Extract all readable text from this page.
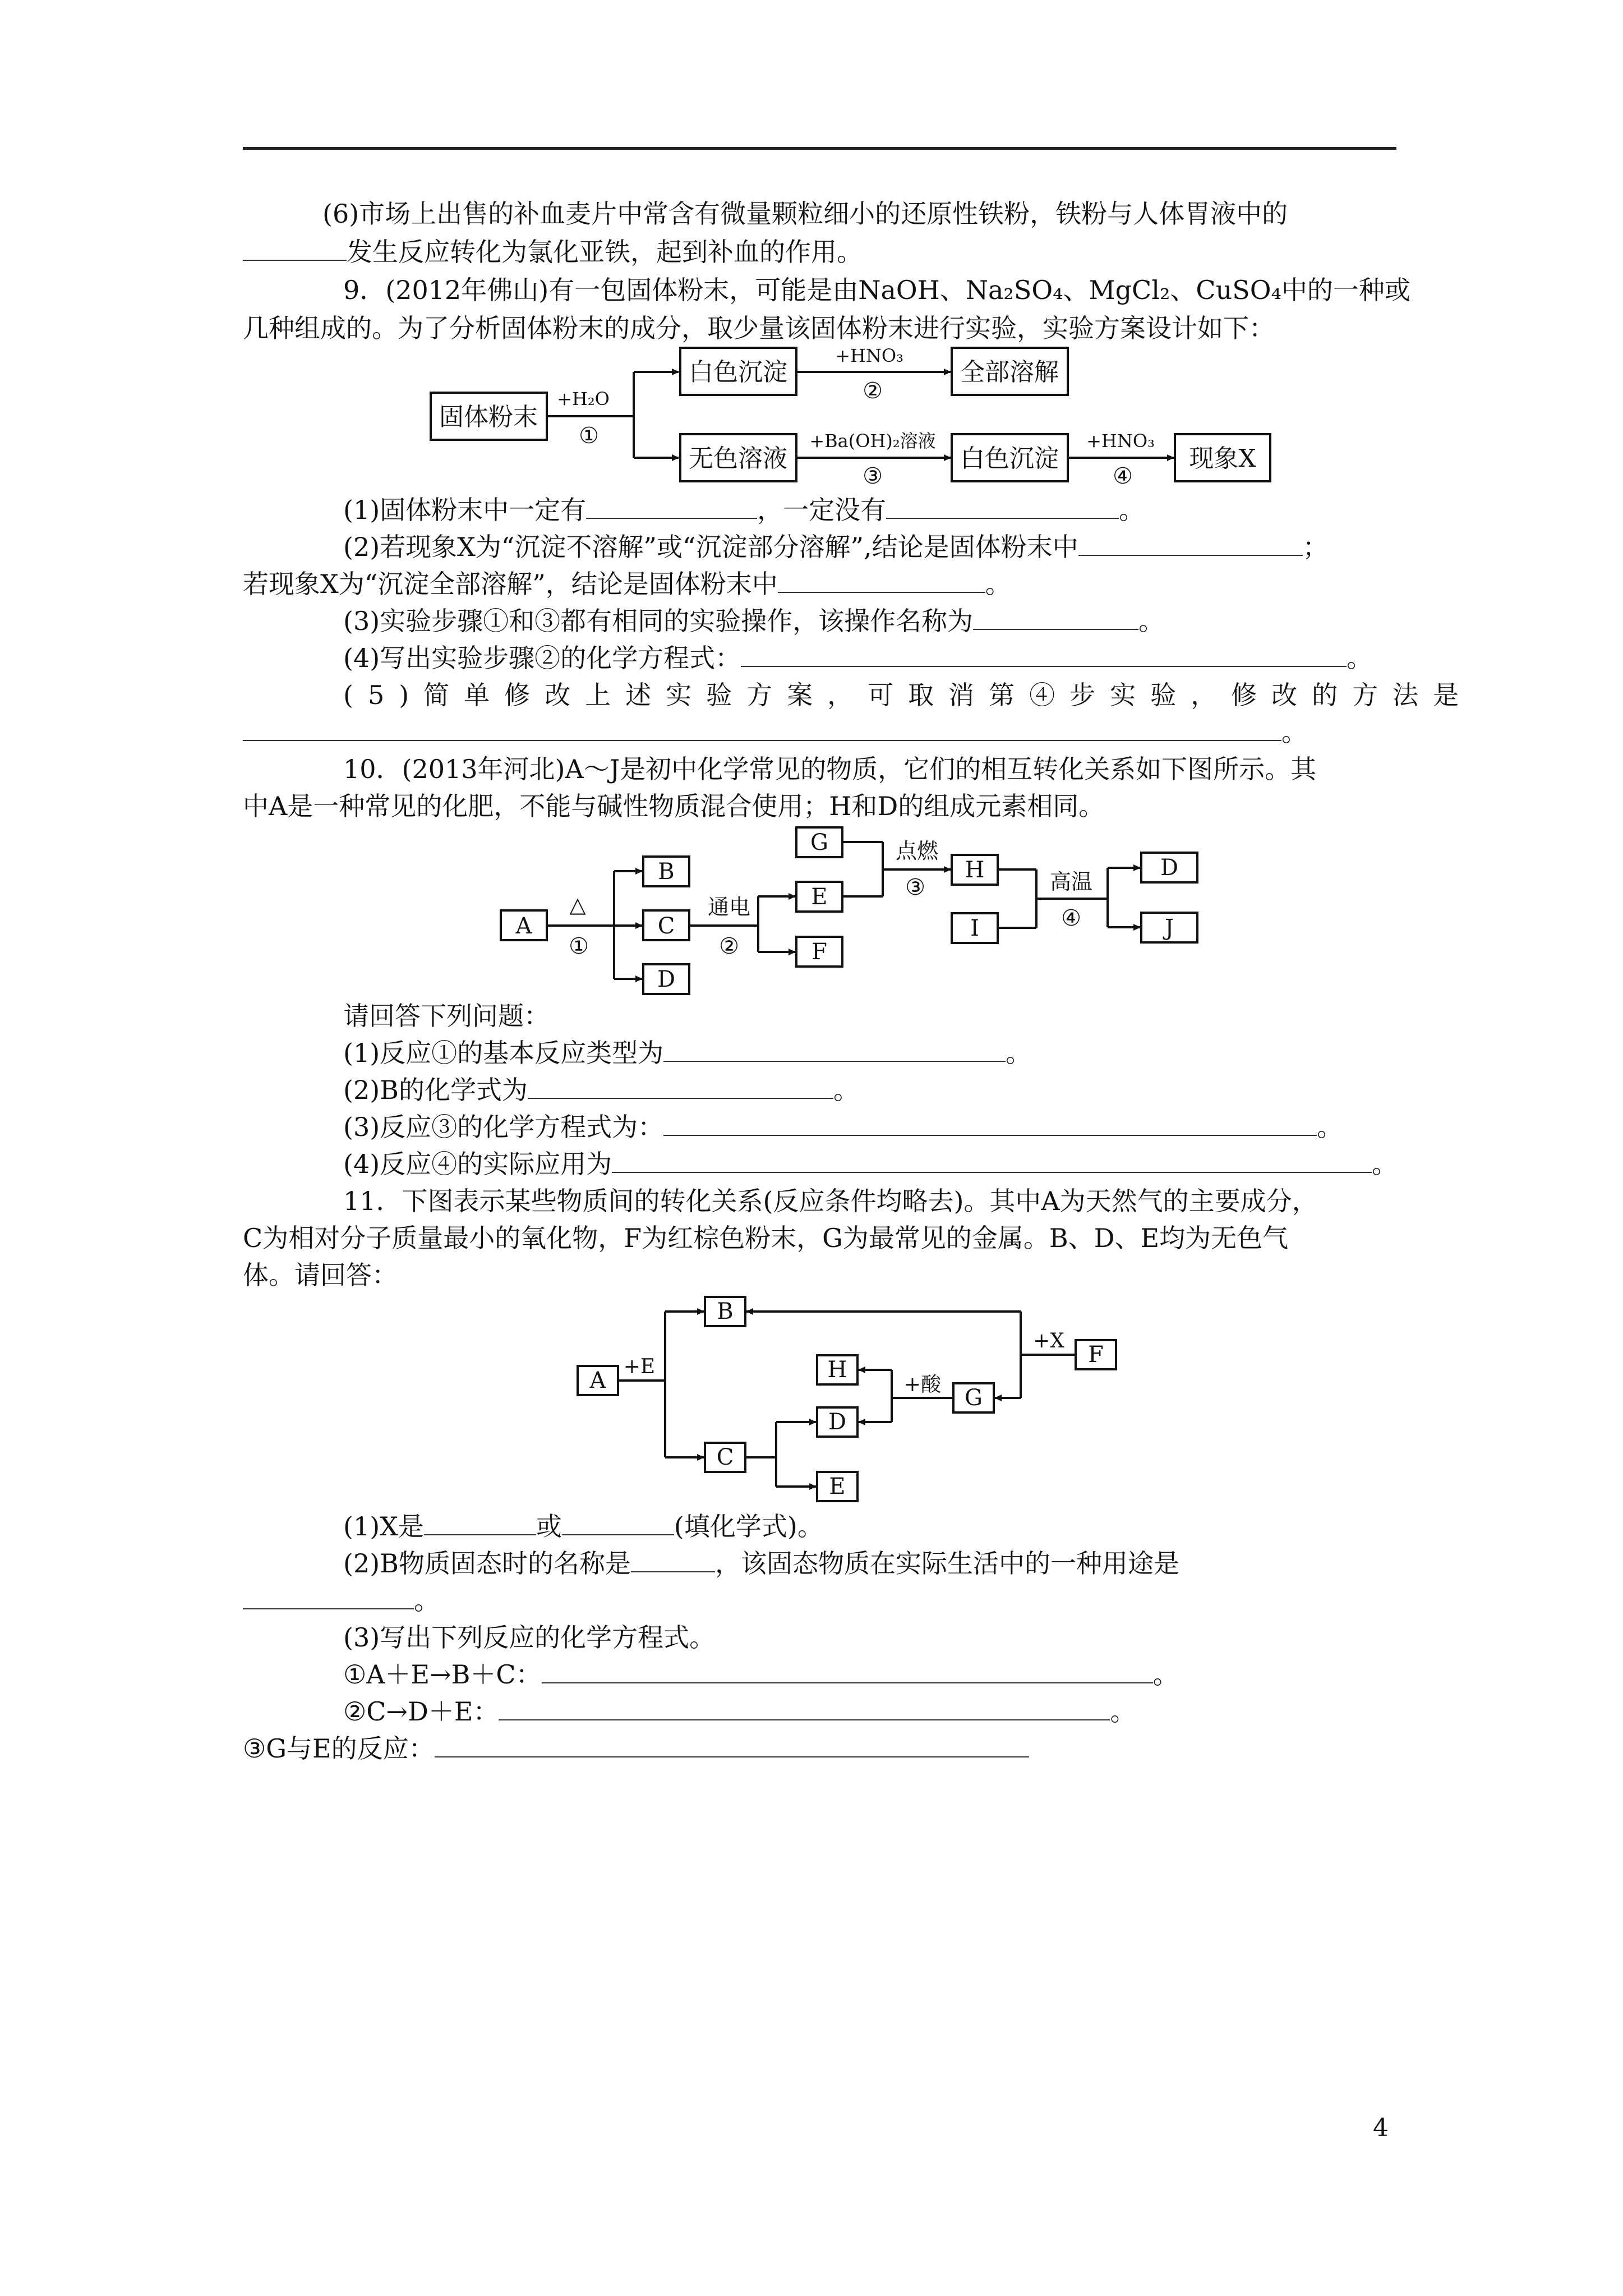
(6)市场上出售的补血麦片中常含有微量颗粒细小的还原性铁粉，铁粉与人体胃液中的
发生反应转化为氯化亚铁，起到补血的作用。
9．(2012年佛山)有一包固体粉末，可能是由NaOH、Na₂SO₄、MgCl₂、CuSO₄中的一种或
几种组成的。为了分析固体粉末的成分，取少量该固体粉末进行实验，实验方案设计如下：
固体粉末
+H₂O
①
白色沉淀
+HNO₃
②
全部溶解
无色溶液
+Ba(OH)₂溶液
③
白色沉淀
+HNO₃
④
现象X
(1)固体粉末中一定有	，一定没有	。
(2)若现象X为“沉淀不溶解”或“沉淀部分溶解”,结论是固体粉末中	；
若现象X为“沉淀全部溶解”，结论是固体粉末中	。
(3)实验步骤①和③都有相同的实验操作，该操作名称为	。
(4)写出实验步骤②的化学方程式：	。
(5)简单修改上述实验方案，可取消第④步实验，修改的方法是
。
10．(2013年河北)A～J是初中化学常见的物质，它们的相互转化关系如下图所示。其
中A是一种常见的化肥，不能与碱性物质混合使用；H和D的组成元素相同。
A
△
①
B
C
D
通电
②
E
F
G	点燃
③
H
I
高温
④
D
J
请回答下列问题：
(1)反应①的基本反应类型为	。
(2)B的化学式为	。
(3)反应③的化学方程式为：	。
(4)反应④的实际应用为	。
11．下图表示某些物质间的转化关系(反应条件均略去)。其中A为天然气的主要成分，
C为相对分子质量最小的氧化物，F为红棕色粉末，G为最常见的金属。B、D、E均为无色气
体。请回答：
A
+E
B
C
H
D
E
G
+酸
F
+X
(1)X是	或	(填化学式)。
(2)B物质固态时的名称是	，该固态物质在实际生活中的一种用途是
。
(3)写出下列反应的化学方程式。
①A＋E→B＋C：	。
②C→D＋E：	。
③G与E的反应：
4
